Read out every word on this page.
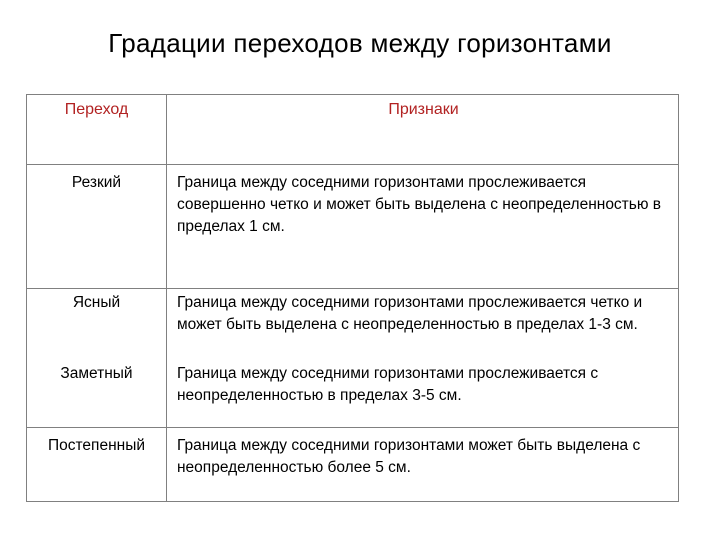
Градации переходов между горизонтами
Переход	Признаки
Резкий	Граница между соседними горизонтами прослеживается совершенно четко и может быть выделена с неопределенностью в пределах 1 см.
Ясный	Граница между соседними горизонтами прослеживается четко и может быть выделена с неопределенностью в пределах 1-3 см.
Заметный	Граница между соседними горизонтами прослеживается с неопределенностью в пределах 3-5 см.
Постепенный	Граница между соседними горизонтами может быть выделена с неопределенностью более 5 см.
